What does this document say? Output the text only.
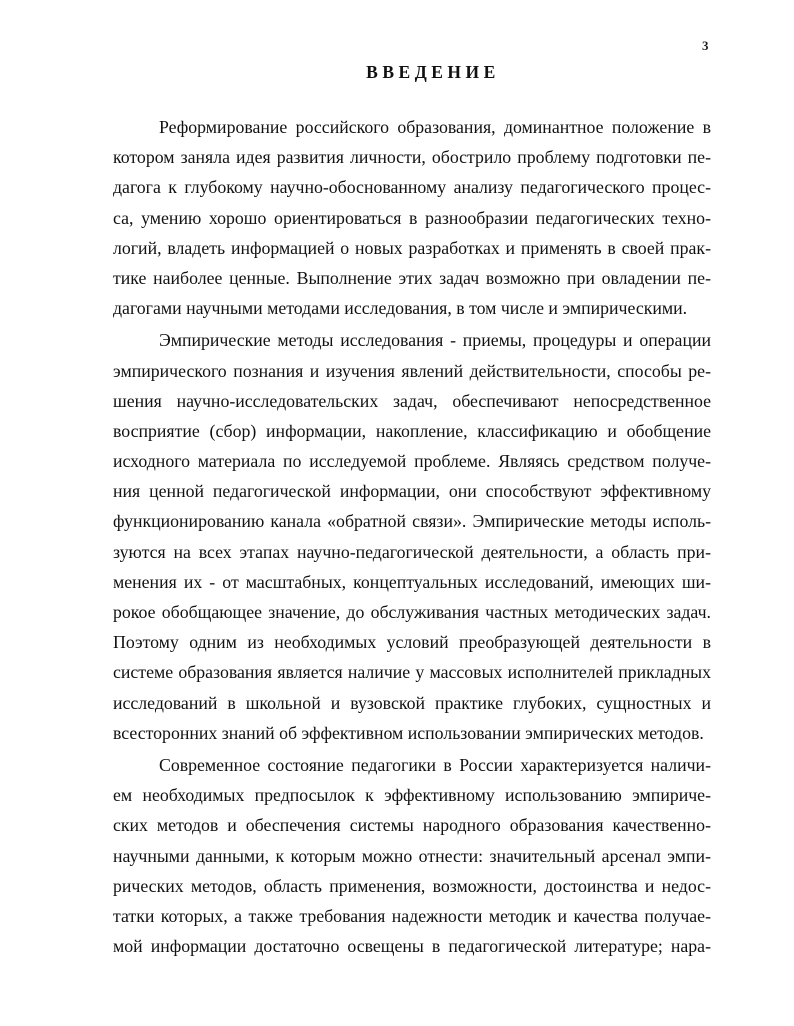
3
ВВЕДЕНИЕ
Реформирование российского образования, доминантное положение в
котором заняла идея развития личности, обострило проблему подготовки пе-
дагога к глубокому научно-обоснованному анализу педагогического процес-
са, умению хорошо ориентироваться в разнообразии педагогических техно-
логий, владеть информацией о новых разработках и применять в своей прак-
тике наиболее ценные. Выполнение этих задач возможно при овладении пе-
дагогами научными методами исследования, в том числе и эмпирическими.
Эмпирические методы исследования - приемы, процедуры и операции
эмпирического познания и изучения явлений действительности, способы ре-
шения научно-исследовательских задач, обеспечивают непосредственное
восприятие (сбор) информации, накопление, классификацию и обобщение
исходного материала по исследуемой проблеме. Являясь средством получе-
ния ценной педагогической информации, они способствуют эффективному
функционированию канала «обратной связи». Эмпирические методы исполь-
зуются на всех этапах научно-педагогической деятельности, а область при-
менения их - от масштабных, концептуальных исследований, имеющих ши-
рокое обобщающее значение, до обслуживания частных методических задач.
Поэтому одним из необходимых условий преобразующей деятельности в
системе образования является наличие у массовых исполнителей прикладных
исследований в школьной и вузовской практике глубоких, сущностных и
всесторонних знаний об эффективном использовании эмпирических методов.
Современное состояние педагогики в России характеризуется наличи-
ем необходимых предпосылок к эффективному использованию эмпириче-
ских методов и обеспечения системы народного образования качественно-
научными данными, к которым можно отнести: значительный арсенал эмпи-
рических методов, область применения, возможности, достоинства и недос-
татки которых, а также требования надежности методик и качества получае-
мой информации достаточно освещены в педагогической литературе; нара-
